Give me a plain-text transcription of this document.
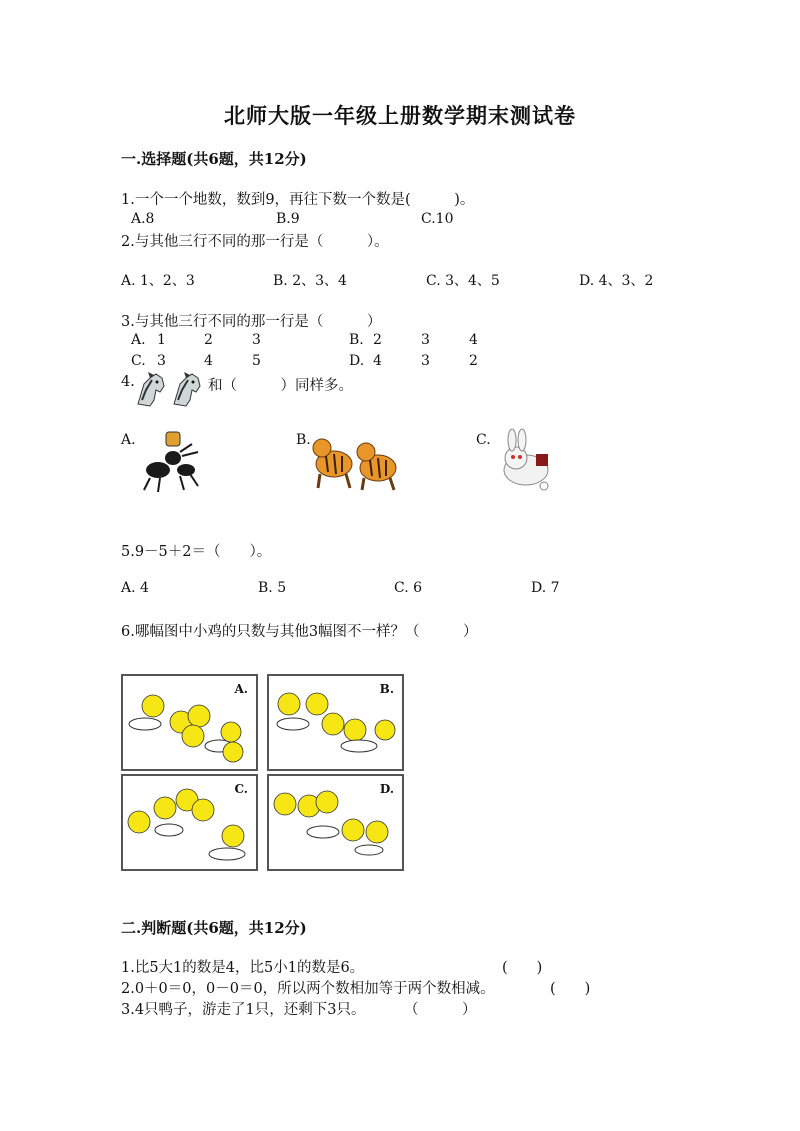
北师大版一年级上册数学期末测试卷
一.选择题(共6题，共12分)
1.一个一个地数，数到9，再往下数一个数是(　　　)。
A.8	B.9	C.10
2.与其他三行不同的那一行是（　　　）。
A. 1、2、3	B. 2、3、4	C. 3、4、5	D. 4、3、2
3.与其他三行不同的那一行是（　　　）
A. 1	2	3	B. 2	3	4
C. 3	4	5	D. 4	3	2
4.	和（　　　）同样多。
A.	B.	C.
5.9－5＋2＝（　　）。
A. 4	B. 5	C. 6	D. 7
6.哪幅图中小鸡的只数与其他3幅图不一样？（　　　）
A.	B.
C.	D.
二.判断题(共6题，共12分)
1.比5大1的数是4，比5小1的数是6。	(　　)
2.0＋0＝0，0－0＝0，所以两个数相加等于两个数相减。	(　　)
3.4只鸭子，游走了1只，还剩下3只。	（　　　）
